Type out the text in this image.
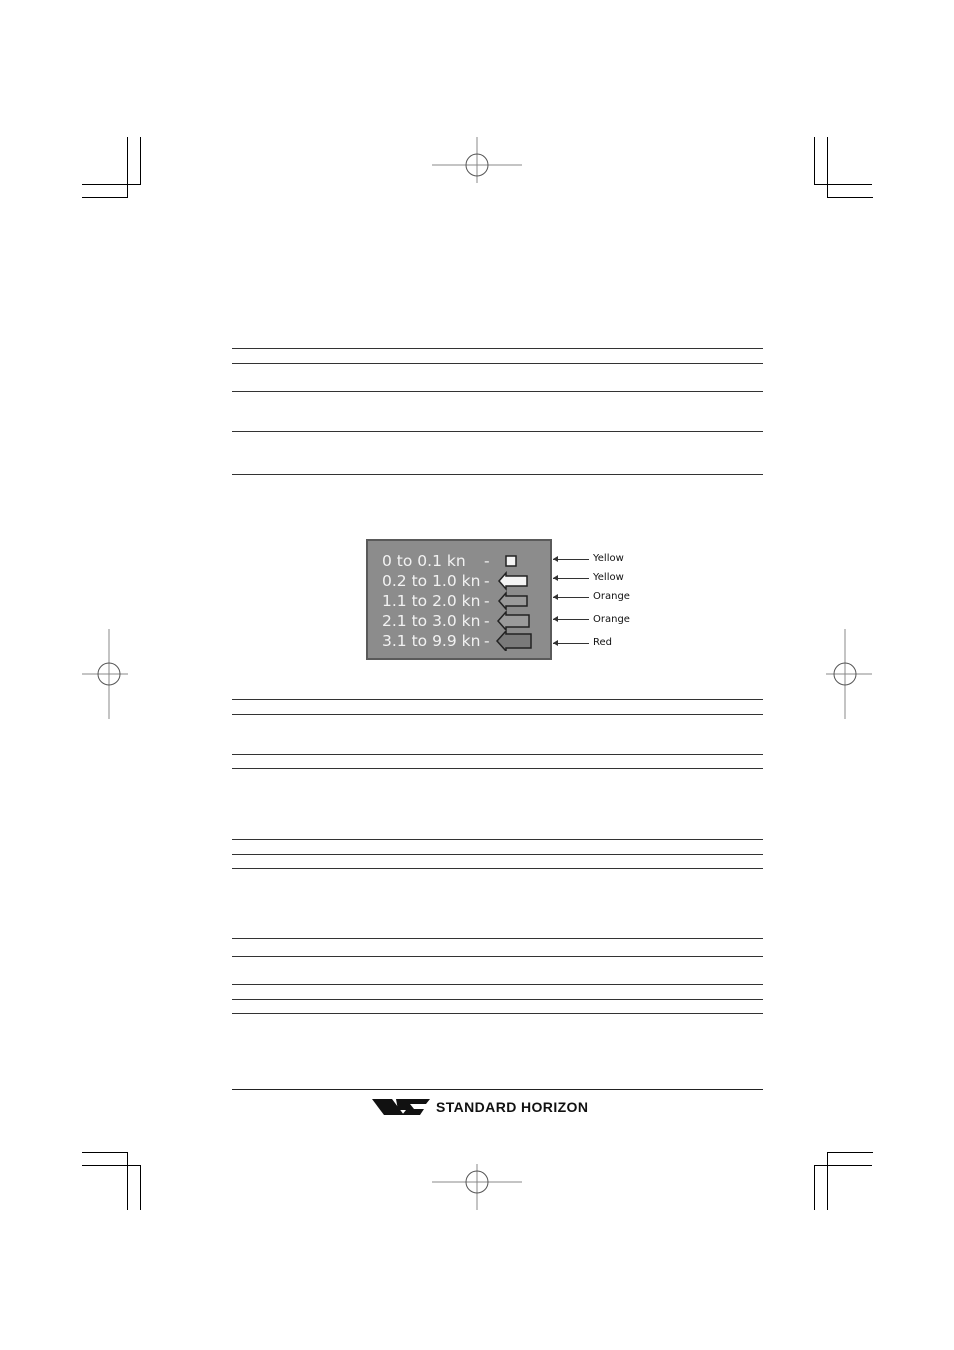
0 to 0.1 kn -
0.2 to 1.0 kn -
1.1 to 2.0 kn -
2.1 to 3.0 kn -
3.1 to 9.9 kn -
Yellow
Yellow
Orange
Orange
Red
STANDARD HORIZON
